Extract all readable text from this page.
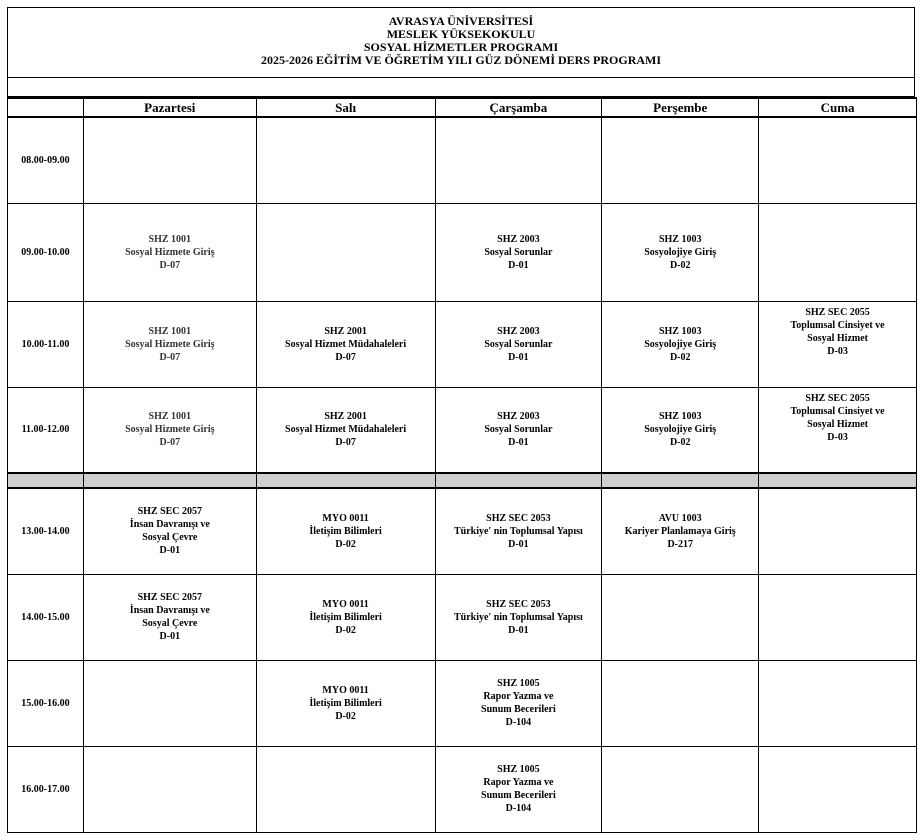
AVRASYA ÜNİVERSİTESİ
MESLEK YÜKSEKOKULU
SOSYAL HİZMETLER PROGRAMI
2025-2026 EĞİTİM VE ÖĞRETİM YILI GÜZ DÖNEMİ DERS PROGRAMI
	Pazartesi	Salı	Çarşamba	Perşembe	Cuma
08.00-09.00	

09.00-10.00	SHZ 1001
Sosyal Hizmete Giriş
D-07		SHZ 2003
Sosyal Sorunlar
D-01	SHZ 1003
Sosyolojiye Giriş
D-02	

10.00-11.00	SHZ 1001
Sosyal Hizmete Giriş
D-07	SHZ 2001
Sosyal Hizmet Müdahaleleri
D-07	SHZ 2003
Sosyal Sorunlar
D-01	SHZ 1003
Sosyolojiye Giriş
D-02	SHZ SEC 2055
Toplumsal Cinsiyet ve
Sosyal Hizmet
D-03

11.00-12.00	SHZ 1001
Sosyal Hizmete Giriş
D-07	SHZ 2001
Sosyal Hizmet Müdahaleleri
D-07	SHZ 2003
Sosyal Sorunlar
D-01	SHZ 1003
Sosyolojiye Giriş
D-02	SHZ SEC 2055
Toplumsal Cinsiyet ve
Sosyal Hizmet
D-03

13.00-14.00	SHZ SEC 2057
İnsan Davranışı ve
Sosyal Çevre
D-01	MYO 0011
İletişim Bilimleri
D-02	SHZ SEC 2053
Türkiye' nin Toplumsal Yapısı
D-01	AVU 1003
Kariyer Planlamaya Giriş
D-217	

14.00-15.00	SHZ SEC 2057
İnsan Davranışı ve
Sosyal Çevre
D-01	MYO 0011
İletişim Bilimleri
D-02	SHZ SEC 2053
Türkiye' nin Toplumsal Yapısı
D-01		

15.00-16.00		MYO 0011
İletişim Bilimleri
D-02	SHZ 1005
Rapor Yazma ve
Sunum Becerileri
D-104		

16.00-17.00			SHZ 1005
Rapor Yazma ve
Sunum Becerileri
D-104		
